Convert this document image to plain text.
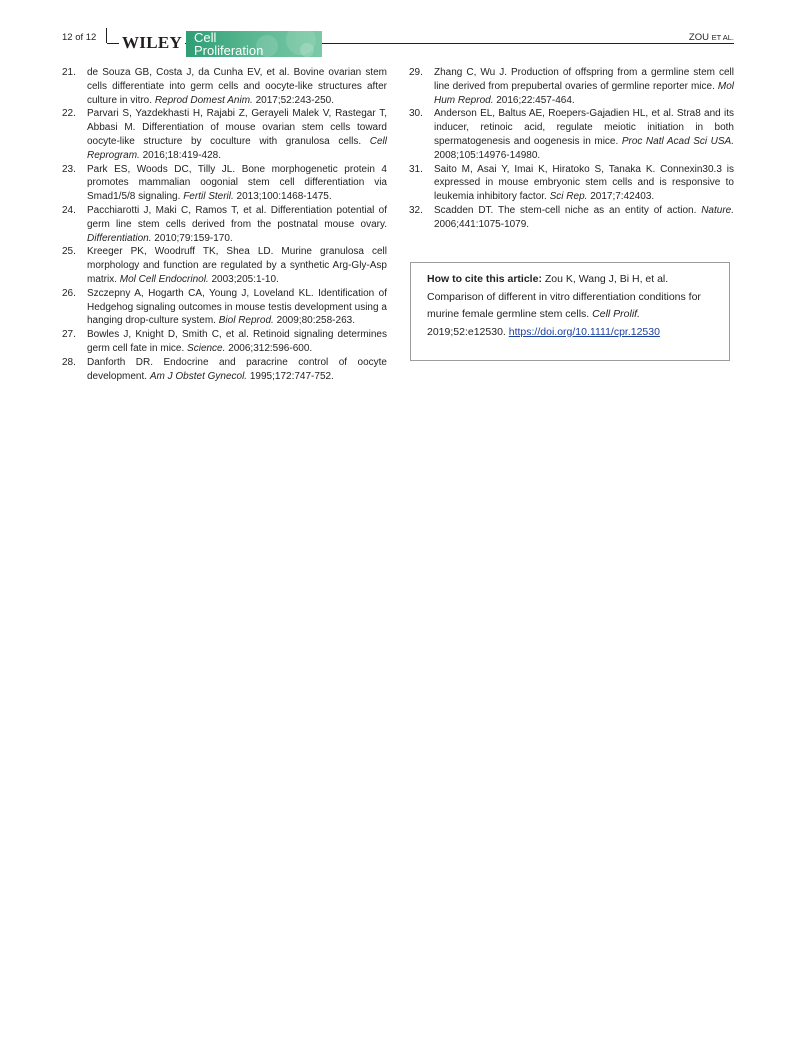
12 of 12 WILEY Cell
Proliferation
ZOU ET AL.

21. de Souza GB, Costa J, da Cunha EV, et al. Bovine ovarian stem cells differentiate into germ cells and oocyte-like structures after culture in vitro. Reprod Domest Anim. 2017;52:243-250.

22. Parvari S, Yazdekhasti H, Rajabi Z, Gerayeli Malek V, Rastegar T, Abbasi M. Differentiation of mouse ovarian stem cells toward oocyte-like structure by coculture with granulosa cells. Cell Reprogram. 2016;18:419-428.

23. Park ES, Woods DC, Tilly JL. Bone morphogenetic protein 4 promotes mammalian oogonial stem cell differentiation via Smad1/5/8 signaling. Fertil Steril. 2013;100:1468-1475.

24. Pacchiarotti J, Maki C, Ramos T, et al. Differentiation potential of germ line stem cells derived from the postnatal mouse ovary. Differentiation. 2010;79:159-170.

25. Kreeger PK, Woodruff TK, Shea LD. Murine granulosa cell morphology and function are regulated by a synthetic Arg-Gly-Asp matrix. Mol Cell Endocrinol. 2003;205:1-10.

26. Szczepny A, Hogarth CA, Young J, Loveland KL. Identification of Hedgehog signaling outcomes in mouse testis development using a hanging drop-culture system. Biol Reprod. 2009;80:258-263.

27. Bowles J, Knight D, Smith C, et al. Retinoid signaling determines germ cell fate in mice. Science. 2006;312:596-600.

28. Danforth DR. Endocrine and paracrine control of oocyte development. Am J Obstet Gynecol. 1995;172:747-752.

29. Zhang C, Wu J. Production of offspring from a germline stem cell line derived from prepubertal ovaries of germline reporter mice. Mol Hum Reprod. 2016;22:457-464.

30. Anderson EL, Baltus AE, Roepers-Gajadien HL, et al. Stra8 and its inducer, retinoic acid, regulate meiotic initiation in both spermatogenesis and oogenesis in mice. Proc Natl Acad Sci USA. 2008;105:14976-14980.

31. Saito M, Asai Y, Imai K, Hiratoko S, Tanaka K. Connexin30.3 is expressed in mouse embryonic stem cells and is responsive to leukemia inhibitory factor. Sci Rep. 2017;7:42403.

32. Scadden DT. The stem-cell niche as an entity of action. Nature. 2006;441:1075-1079.

How to cite this article: Zou K, Wang J, Bi H, et al. Comparison of different in vitro differentiation conditions for murine female germline stem cells. Cell Prolif. 2019;52:e12530. https://doi.org/10.1111/cpr.12530
